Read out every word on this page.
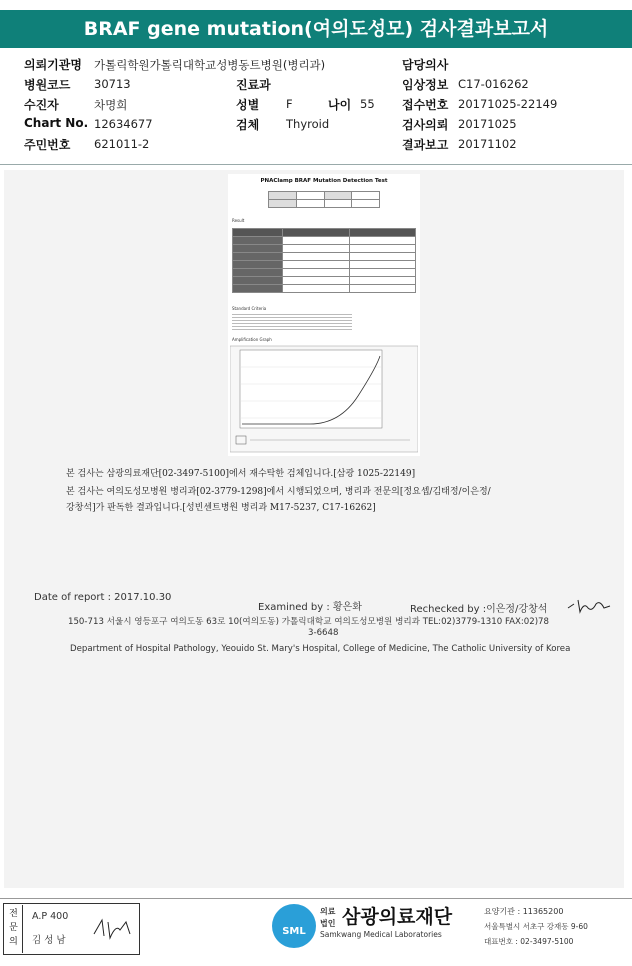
BRAF gene mutation(여의도성모) 검사결과보고서
의뢰기관명 가톨릭학원가톨릭대학교성병동트병원(병리과)	담당의사
병원코드 30713	진료과	임상정보 C17-016262
수진자	차명희	성별 F	나이 55 접수번호 20171025-22149
Chart No. 12634677	검체 Thyroid	검사의뢰 20171025
주민번호 621011-2	결과보고 20171102
PNAClamp BRAF Mutation Detection Test

Result

Standard Criteria
Amplification Graph
본 검사는 삼광의료재단[02-3497-5100]에서 재수탁한 검체입니다.[삼광 1025-22149]
본 검사는 여의도성모병원 병리과[02-3779-1298]에서 시행되었으며, 병리과 전문의[정요셉/김태정/이은정/
강창석]가 판독한 결과입니다.[성빈센트병원 병리과 M17-5237, C17-16262]
Date of report : 2017.10.30
Examined by : 황은화	Rechecked by :이은정/강창석
150-713 서울시 영등포구 여의도동 63로 10(여의도동) 가톨릭대학교 여의도성모병원 병리과 TEL:02)3779-1310 FAX:02)78
3-6648
Department of Hospital Pathology, Yeouido St. Mary's Hospital, College of Medicine, The Catholic University of Korea
전문의
A.P 400
김 성 남
SML
의료
법인 삼광의료재단
Samkwang Medical Laboratories
요양기관 : 11365200
서울특별시 서초구 강재동 9-60
대표번호 : 02-3497-5100
